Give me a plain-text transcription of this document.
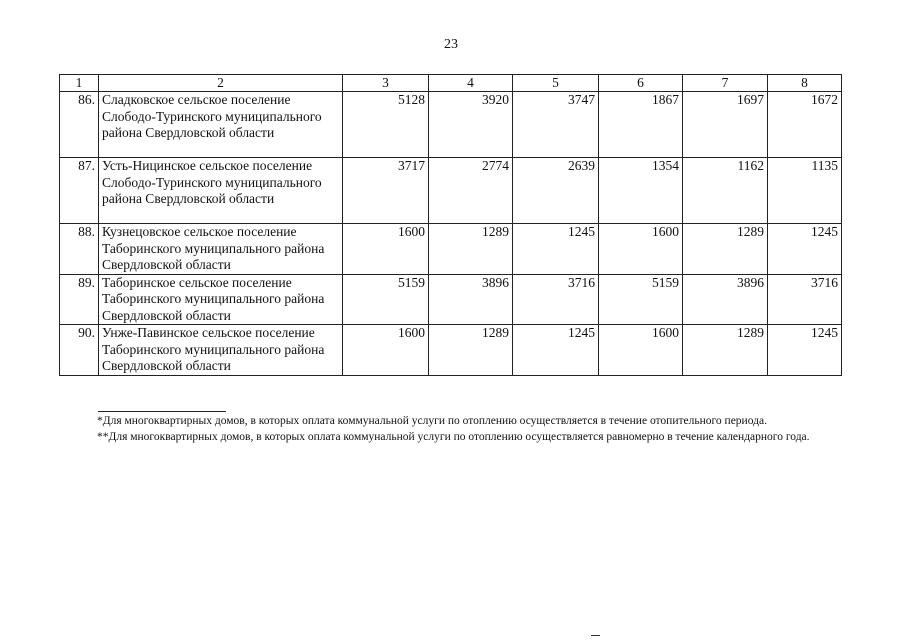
23
1	2	3	4	5	6	7	8
86.	Сладковское сельское поселение Слободо-Туринского муниципального района Свердловской области	5128	3920	3747	1867	1697	1672
87.	Усть-Ницинское сельское поселение Слободо-Туринского муниципального района Свердловской области	3717	2774	2639	1354	1162	1135
88.	Кузнецовское сельское поселение Таборинского муниципального района Свердловской области	1600	1289	1245	1600	1289	1245
89.	Таборинское сельское поселение Таборинского муниципального района Свердловской области	5159	3896	3716	5159	3896	3716
90.	Унже-Павинское сельское поселение Таборинского муниципального района Свердловской области	1600	1289	1245	1600	1289	1245

*Для многоквартирных домов, в которых оплата коммунальной услуги по отоплению осуществляется в течение отопительного периода.

**Для многоквартирных домов, в которых оплата коммунальной услуги по отоплению осуществляется равномерно в течение календарного года.
